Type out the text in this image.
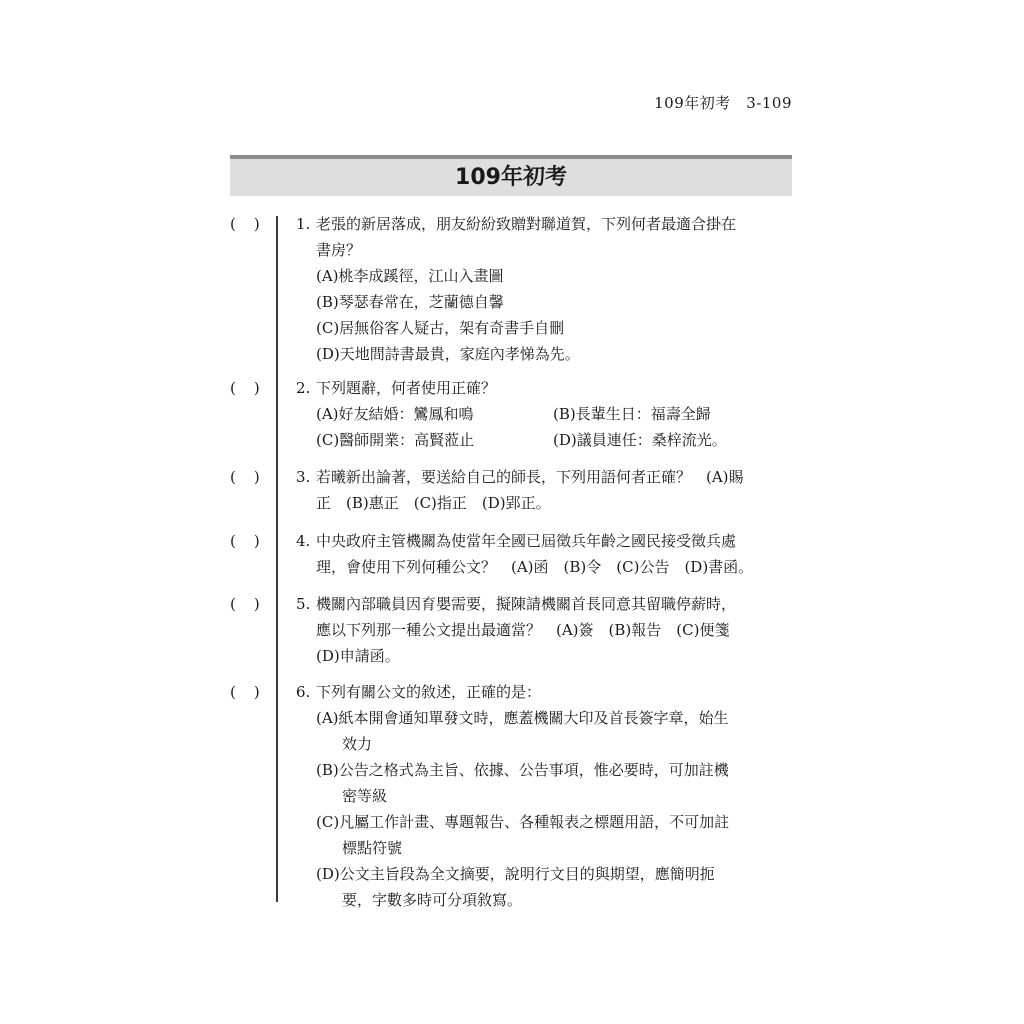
109年初考　3-109
109年初考
( ) 1. 老張的新居落成，朋友紛紛致贈對聯道賀，下列何者最適合掛在
書房？
(A)桃李成蹊徑，江山入畫圖
(B)琴瑟春常在，芝蘭德自馨
(C)居無俗客人疑古，架有奇書手自刪
(D)天地間詩書最貴，家庭內孝悌為先。
( ) 2. 下列題辭，何者使用正確？
(A)好友結婚：鸞鳳和鳴	(B)長輩生日：福壽全歸
(C)醫師開業：高賢蒞止	(D)議員連任：桑梓流光。
( ) 3. 若曦新出論著，要送給自己的師長，下列用語何者正確？　(A)賜
正　(B)惠正　(C)指正　(D)郢正。
( ) 4. 中央政府主管機關為使當年全國已屆徵兵年齡之國民接受徵兵處
理，會使用下列何種公文？　(A)函　(B)令　(C)公告　(D)書函。
( ) 5. 機關內部職員因育嬰需要，擬陳請機關首長同意其留職停薪時，
應以下列那一種公文提出最適當？　(A)簽　(B)報告　(C)便箋
(D)申請函。
( ) 6. 下列有關公文的敘述，正確的是：
(A)紙本開會通知單發文時，應蓋機關大印及首長簽字章，始生
效力
(B)公告之格式為主旨、依據、公告事項，惟必要時，可加註機
密等級
(C)凡屬工作計畫、專題報告、各種報表之標題用語，不可加註
標點符號
(D)公文主旨段為全文摘要，說明行文目的與期望，應簡明扼
要，字數多時可分項敘寫。
